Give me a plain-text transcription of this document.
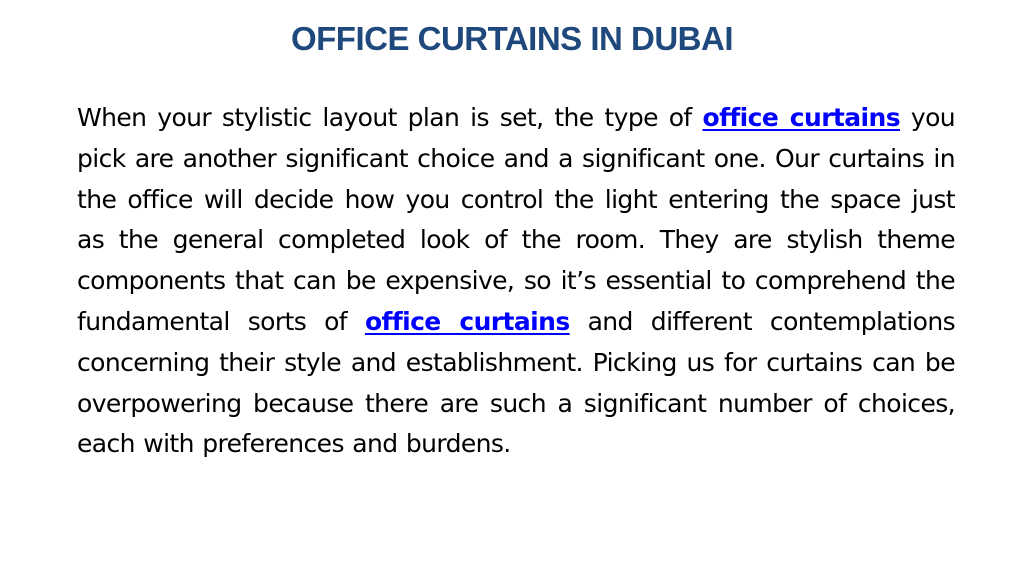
OFFICE CURTAINS IN DUBAI

When your stylistic layout plan is set, the type of office curtains you pick are another significant choice and a significant one. Our curtains in the office will decide how you control the light entering the space just as the general completed look of the room. They are stylish theme components that can be expensive, so it’s essential to comprehend the fundamental sorts of office curtains and different contemplations concerning their style and establishment. Picking us for curtains can be overpowering because there are such a significant number of choices, each with preferences and burdens.
